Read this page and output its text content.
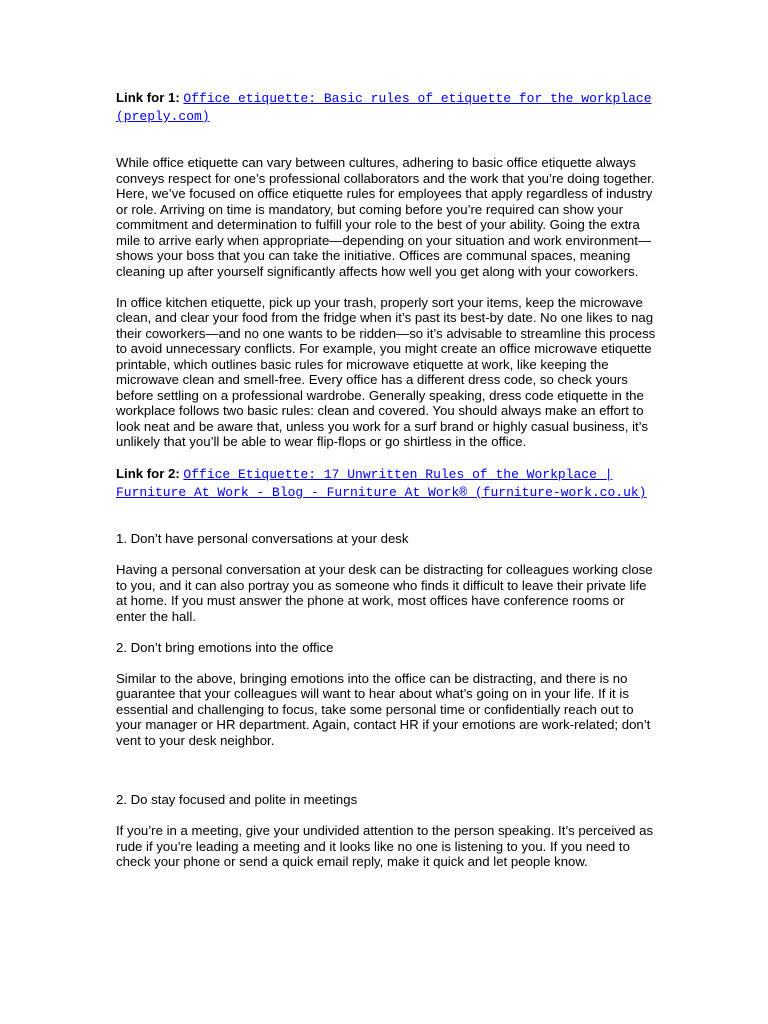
Link for 1: Office etiquette: Basic rules of etiquette for the workplace (preply.com)

While office etiquette can vary between cultures, adhering to basic office etiquette always conveys respect for one’s professional collaborators and the work that you’re doing together. Here, we’ve focused on office etiquette rules for employees that apply regardless of industry or role. Arriving on time is mandatory, but coming before you’re required can show your commitment and determination to fulfill your role to the best of your ability. Going the extra mile to arrive early when appropriate—depending on your situation and work environment—shows your boss that you can take the initiative. Offices are communal spaces, meaning cleaning up after yourself significantly affects how well you get along with your coworkers.

In office kitchen etiquette, pick up your trash, properly sort your items, keep the microwave clean, and clear your food from the fridge when it’s past its best-by date. No one likes to nag their coworkers—and no one wants to be ridden—so it’s advisable to streamline this process to avoid unnecessary conflicts. For example, you might create an office microwave etiquette printable, which outlines basic rules for microwave etiquette at work, like keeping the microwave clean and smell-free. Every office has a different dress code, so check yours before settling on a professional wardrobe. Generally speaking, dress code etiquette in the workplace follows two basic rules: clean and covered. You should always make an effort to look neat and be aware that, unless you work for a surf brand or highly casual business, it’s unlikely that you’ll be able to wear flip-flops or go shirtless in the office.

Link for 2: Office Etiquette: 17 Unwritten Rules of the Workplace | Furniture At Work - Blog - Furniture At Work® (furniture-work.co.uk)

1. Don’t have personal conversations at your desk

Having a personal conversation at your desk can be distracting for colleagues working close to you, and it can also portray you as someone who finds it difficult to leave their private life at home. If you must answer the phone at work, most offices have conference rooms or enter the hall.

2. Don’t bring emotions into the office

Similar to the above, bringing emotions into the office can be distracting, and there is no guarantee that your colleagues will want to hear about what’s going on in your life. If it is essential and challenging to focus, take some personal time or confidentially reach out to your manager or HR department. Again, contact HR if your emotions are work-related; don’t vent to your desk neighbor.

2. Do stay focused and polite in meetings

If you’re in a meeting, give your undivided attention to the person speaking. It’s perceived as rude if you’re leading a meeting and it looks like no one is listening to you. If you need to check your phone or send a quick email reply, make it quick and let people know.
